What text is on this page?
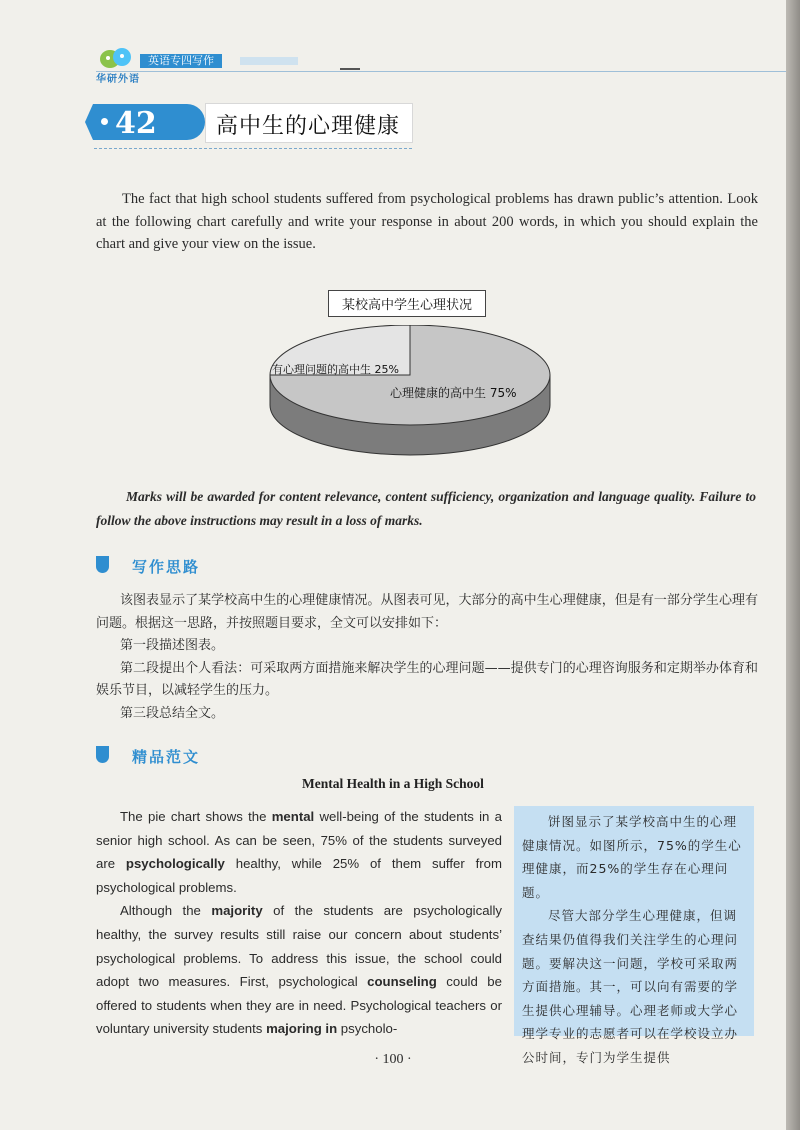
华研外语
英语专四写作
42	高中生的心理健康
The fact that high school students suffered from psychological problems has drawn public’s attention. Look at the following chart carefully and write your response in about 200 words, in which you should explain the chart and give your view on the issue.
某校高中学生心理状况
有心理问题的高中生 25%
心理健康的高中生 75%
Marks will be awarded for content relevance, content sufficiency, organization and language quality. Failure to follow the above instructions may result in a loss of marks.
写作思路

该图表显示了某学校高中生的心理健康情况。从图表可见，大部分的高中生心理健康，但是有一部分学生心理有问题。根据这一思路，并按照题目要求，全文可以安排如下：

第一段描述图表。

第二段提出个人看法：可采取两方面措施来解决学生的心理问题——提供专门的心理咨询服务和定期举办体育和娱乐节目，以减轻学生的压力。

第三段总结全文。

精品范文
Mental Health in a High School

The pie chart shows the mental well-being of the students in a senior high school. As can be seen, 75% of the students surveyed are psychologically healthy, while 25% of them suffer from psychological problems.

Although the majority of the students are psychologically healthy, the survey results still raise our concern about students’ psychological problems. To address this issue, the school could adopt two measures. First, psychological counseling could be offered to students when they are in need. Psychological teachers or voluntary university students majoring in psycholo-

饼图显示了某学校高中生的心理健康情况。如图所示，75%的学生心理健康，而25%的学生存在心理问题。

尽管大部分学生心理健康，但调查结果仍值得我们关注学生的心理问题。要解决这一问题，学校可采取两方面措施。其一，可以向有需要的学生提供心理辅导。心理老师或大学心理学专业的志愿者可以在学校设立办公时间，专门为学生提供

· 100 ·
